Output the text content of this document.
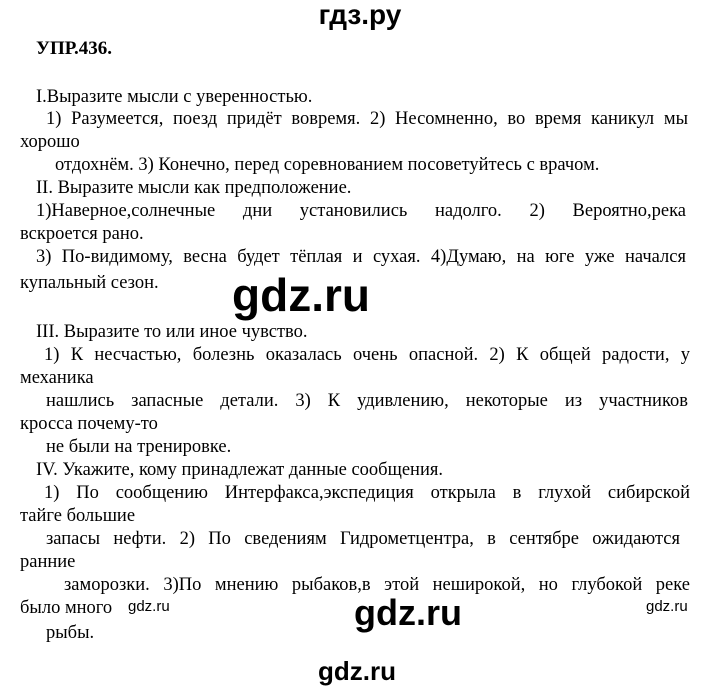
гдз.ру
УПР.436.
I.Выразите мысли с уверенностью.
1) Разумеется, поезд придёт вовремя. 2) Несомненно, во время каникул мы
хорошо
отдохнём. 3) Конечно, перед соревнованием посоветуйтесь с врачом.
II. Выразите мысли как предположение.
1)Наверное,солнечные дни установились надолго. 2) Вероятно,река
вскроется рано.
3) По-видимому, весна будет тёплая и сухая. 4)Думаю, на юге уже начался
купальный сезон. gdz.ru
III. Выразите то или иное чувство.
1) К несчастью, болезнь оказалась очень опасной. 2) К общей радости, у
механика
нашлись запасные детали. 3) К удивлению, некоторые из участников
кросса почему-то
не были на тренировке.
IV. Укажите, кому принадлежат данные сообщения.
1) По сообщению Интерфакса,экспедиция открыла в глухой сибирской
тайге большие
запасы нефти. 2) По сведениям Гидрометцентра, в сентябре ожидаются
ранние
заморозки. 3)По мнению рыбаков,в этой неширокой, но глубокой реке
было много
рыбы.
gdz.ru	gdz.ru	gdz.ru
gdz.ru
